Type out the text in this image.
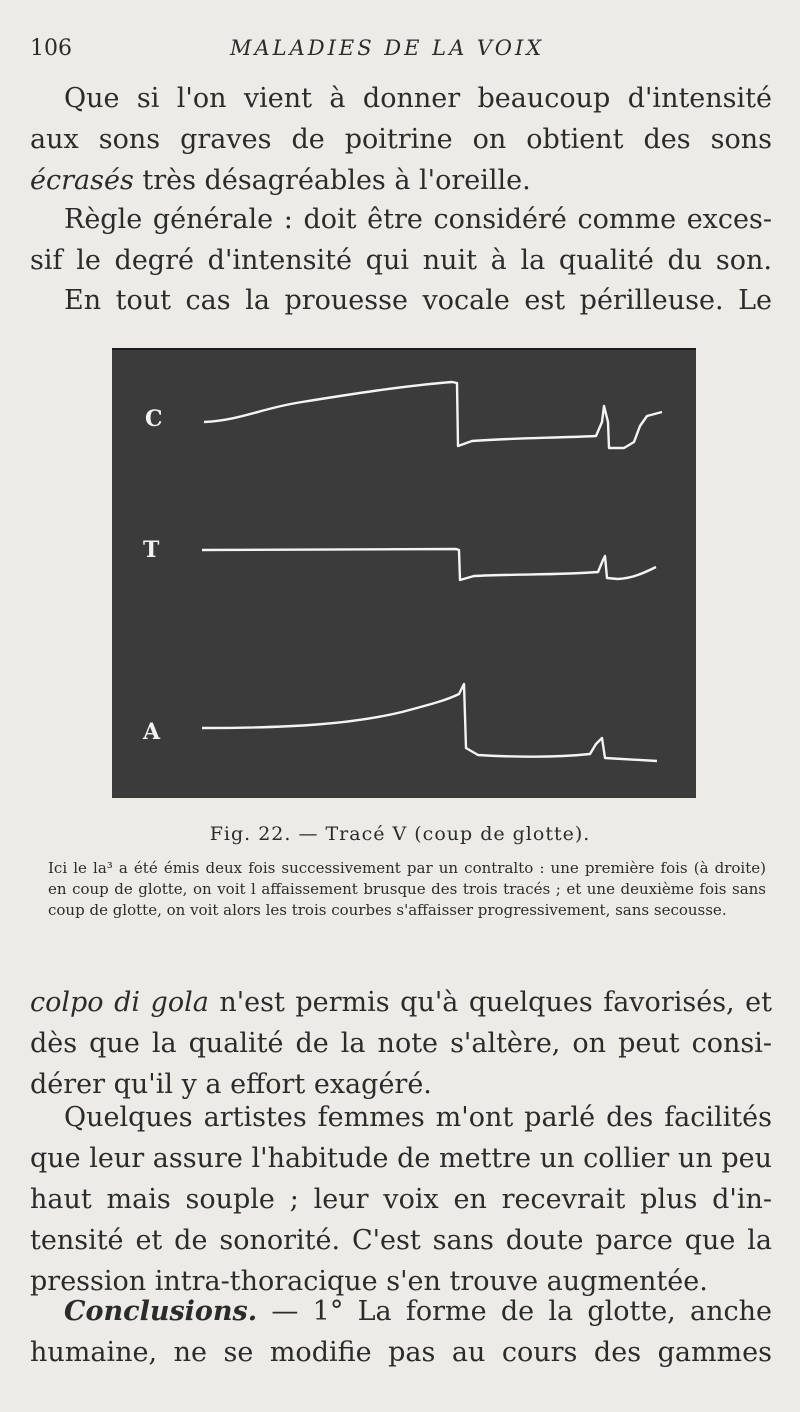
106	MALADIES DE LA VOIX

Que si l'on vient à donner beaucoup d'intensité
aux sons graves de poitrine on obtient des sons
écrasés très désagréables à l'oreille.

Règle générale : doit être considéré comme exces-
sif le degré d'intensité qui nuit à la qualité du son.

En tout cas la prouesse vocale est périlleuse. Le

C
T
A
Fig. 22. — Tracé V (coup de glotte).

Ici le la³ a été émis deux fois successivement par un contralto : une première fois (à droite) en coup de glotte, on voit l affaissement brusque des trois tracés ; et une deuxième fois sans coup de glotte, on voit alors les trois courbes s'affaisser progressivement, sans secousse.

colpo di gola n'est permis qu'à quelques favorisés, et
dès que la qualité de la note s'altère, on peut consi-
dérer qu'il y a effort exagéré.

Quelques artistes femmes m'ont parlé des facilités
que leur assure l'habitude de mettre un collier un peu
haut mais souple ; leur voix en recevrait plus d'in-
tensité et de sonorité. C'est sans doute parce que la
pression intra-thoracique s'en trouve augmentée.

Conclusions. — 1° La forme de la glotte, anche
humaine, ne se modifie pas au cours des gammes
